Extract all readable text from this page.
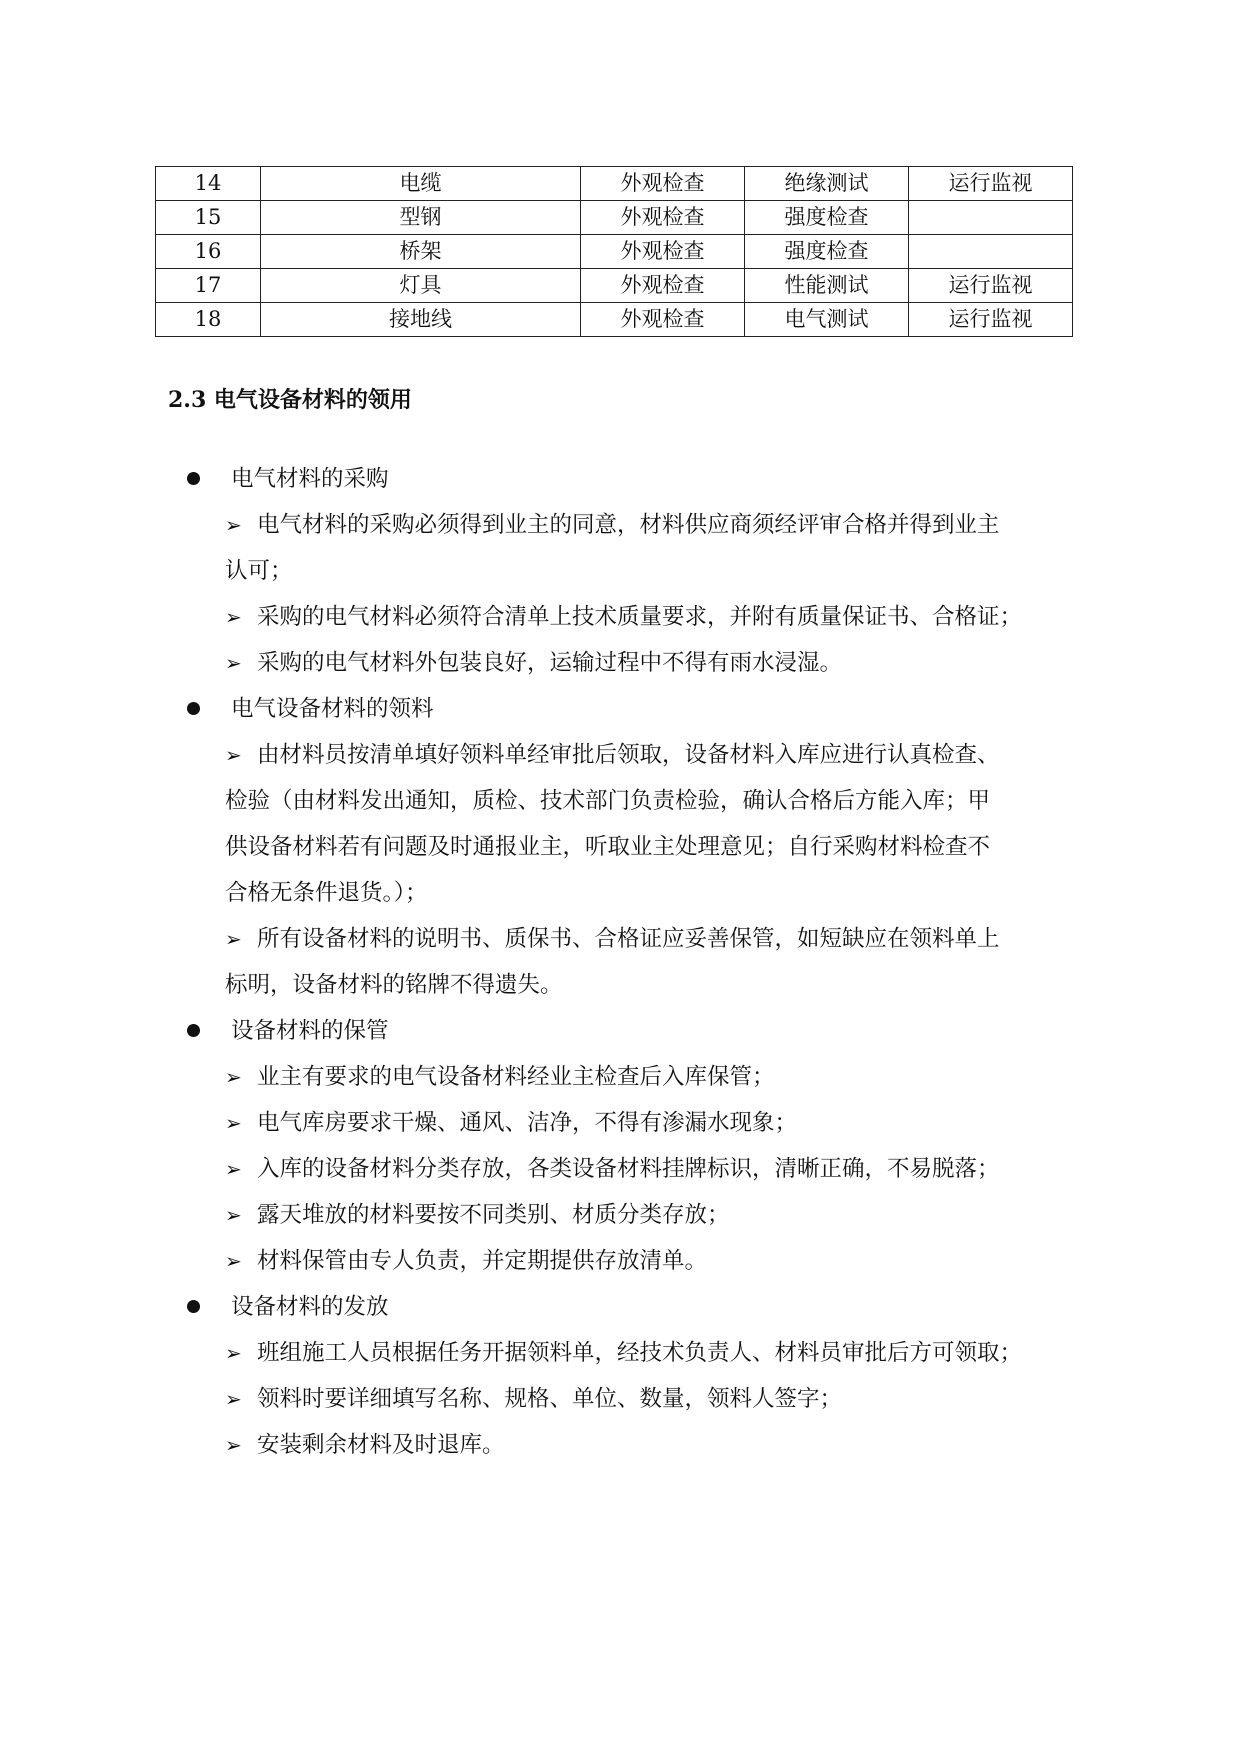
14	电缆	外观检查	绝缘测试	运行监视
15	型钢	外观检查	强度检查	
16	桥架	外观检查	强度检查	
17	灯具	外观检查	性能测试	运行监视
18	接地线	外观检查	电气测试	运行监视
2.3 电气设备材料的领用
电气材料的采购
➢ 电气材料的采购必须得到业主的同意，材料供应商须经评审合格并得到业主
认可；
➢ 采购的电气材料必须符合清单上技术质量要求，并附有质量保证书、合格证；
➢ 采购的电气材料外包装良好，运输过程中不得有雨水浸湿。
电气设备材料的领料
➢ 由材料员按清单填好领料单经审批后领取，设备材料入库应进行认真检查、
检验（由材料发出通知，质检、技术部门负责检验，确认合格后方能入库；甲
供设备材料若有问题及时通报业主，听取业主处理意见；自行采购材料检查不
合格无条件退货。）；
➢ 所有设备材料的说明书、质保书、合格证应妥善保管，如短缺应在领料单上
标明，设备材料的铭牌不得遗失。
设备材料的保管
➢ 业主有要求的电气设备材料经业主检查后入库保管；
➢ 电气库房要求干燥、通风、洁净，不得有渗漏水现象；
➢ 入库的设备材料分类存放，各类设备材料挂牌标识，清晰正确，不易脱落；
➢ 露天堆放的材料要按不同类别、材质分类存放；
➢ 材料保管由专人负责，并定期提供存放清单。
设备材料的发放
➢ 班组施工人员根据任务开据领料单，经技术负责人、材料员审批后方可领取；
➢ 领料时要详细填写名称、规格、单位、数量，领料人签字；
➢ 安装剩余材料及时退库。
